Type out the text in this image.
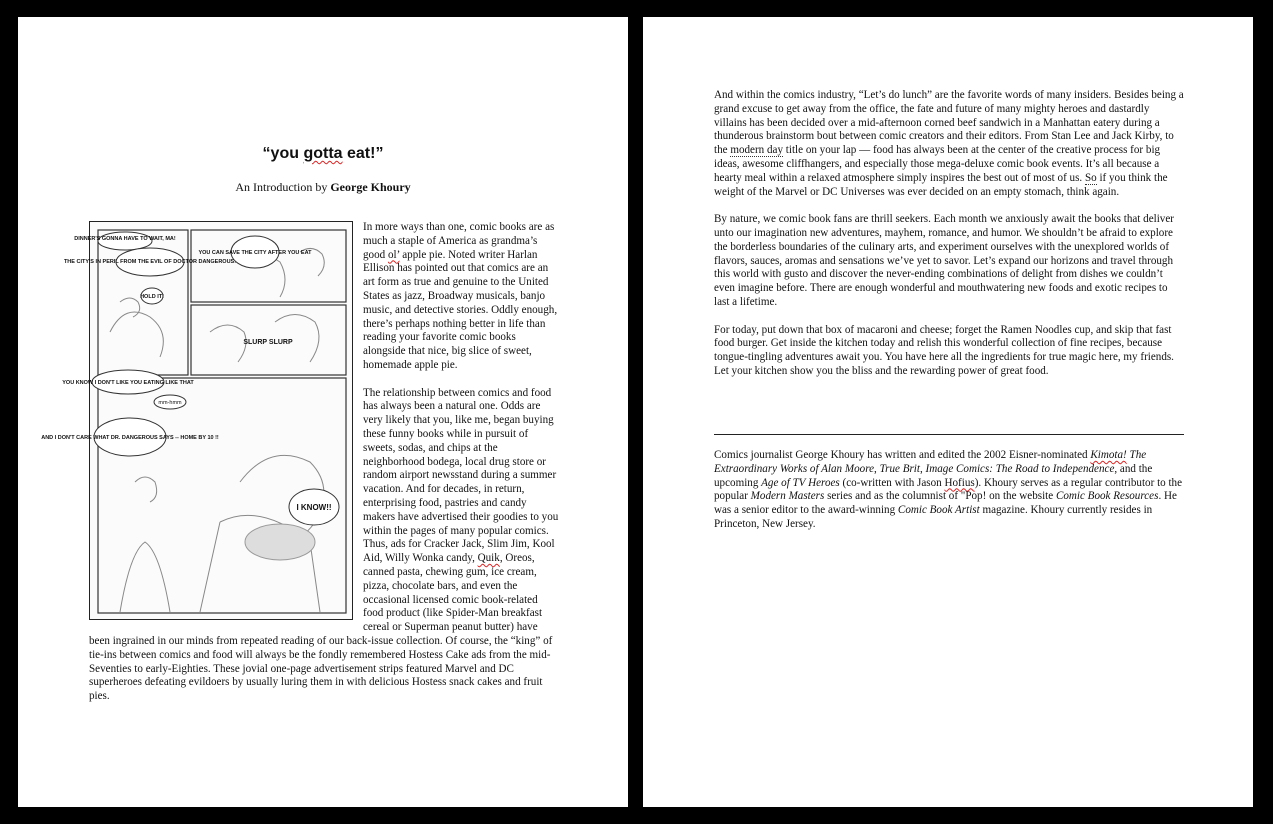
“you gotta eat!”
An Introduction by George Khoury
DINNER'S GONNA HAVE TO WAIT, MA!
THE CITY'S IN PERIL FROM THE EVIL OF DOCTOR DANGEROUS!
HOLD IT!
YOU CAN SAVE THE CITY AFTER YOU EAT
SLURP SLURP
YOU KNOW I DON'T LIKE YOU EATING LIKE THAT
mm-hmm
AND I DON'T CARE WHAT DR. DANGEROUS SAYS -- HOME BY 10 !!
I KNOW!!

In more ways than one, comic books are as much a staple of America as grandma’s good ol’ apple pie. Noted writer Harlan Ellison has pointed out that comics are an art form as true and genuine to the United States as jazz, Broadway musicals, banjo music, and detective stories. Oddly enough, there’s perhaps nothing better in life than reading your favorite comic books alongside that nice, big slice of sweet, homemade apple pie.

The relationship between comics and food has always been a natural one. Odds are very likely that you, like me, began buying these funny books while in pursuit of sweets, sodas, and chips at the neighborhood bodega, local drug store or random airport newsstand during a summer vacation. And for decades, in return, enterprising food, pastries and candy makers have advertised their goodies to you within the pages of many popular comics. Thus, ads for Cracker Jack, Slim Jim, Kool Aid, Willy Wonka candy, Quik, Oreos, canned pasta, chewing gum, ice cream, pizza, chocolate bars, and even the occasional licensed comic book-related food product (like Spider-Man breakfast cereal or Superman peanut butter) have been ingrained in our minds from repeated reading of our back-issue collection. Of course, the “king” of tie-ins between comics and food will always be the fondly remembered Hostess Cake ads from the mid-Seventies to early-Eighties. These jovial one-page advertisement strips featured Marvel and DC superheroes defeating evildoers by usually luring them in with delicious Hostess snack cakes and fruit pies.

And within the comics industry, “Let’s do lunch” are the favorite words of many insiders. Besides being a grand excuse to get away from the office, the fate and future of many mighty heroes and dastardly villains has been decided over a mid-afternoon corned beef sandwich in a Manhattan eatery during a thunderous brainstorm bout between comic creators and their editors. From Stan Lee and Jack Kirby, to the modern day title on your lap — food has always been at the center of the creative process for big ideas, awesome cliffhangers, and especially those mega-deluxe comic book events. It’s all because a hearty meal within a relaxed atmosphere simply inspires the best out of most of us. So if you think the weight of the Marvel or DC Universes was ever decided on an empty stomach, think again.

By nature, we comic book fans are thrill seekers. Each month we anxiously await the books that deliver unto our imagination new adventures, mayhem, romance, and humor. We shouldn’t be afraid to explore the borderless boundaries of the culinary arts, and experiment ourselves with the unexplored worlds of flavors, sauces, aromas and sensations we’ve yet to savor. Let’s expand our horizons and travel through this world with gusto and discover the never-ending combinations of delight from dishes we couldn’t even imagine before. There are enough wonderful and mouthwatering new foods and exotic recipes to last a lifetime.

For today, put down that box of macaroni and cheese; forget the Ramen Noodles cup, and skip that fast food burger. Get inside the kitchen today and relish this wonderful collection of fine recipes, because tongue-tingling adventures await you. You have here all the ingredients for true magic here, my friends. Let your kitchen show you the bliss and the rewarding power of great food.

Comics journalist George Khoury has written and edited the 2002 Eisner-nominated Kimota! The Extraordinary Works of Alan Moore, True Brit, Image Comics: The Road to Independence, and the upcoming Age of TV Heroes (co-written with Jason Hofius). Khoury serves as a regular contributor to the popular Modern Masters series and as the columnist of "Pop! on the website Comic Book Resources. He was a senior editor to the award-winning Comic Book Artist magazine. Khoury currently resides in Princeton, New Jersey.
